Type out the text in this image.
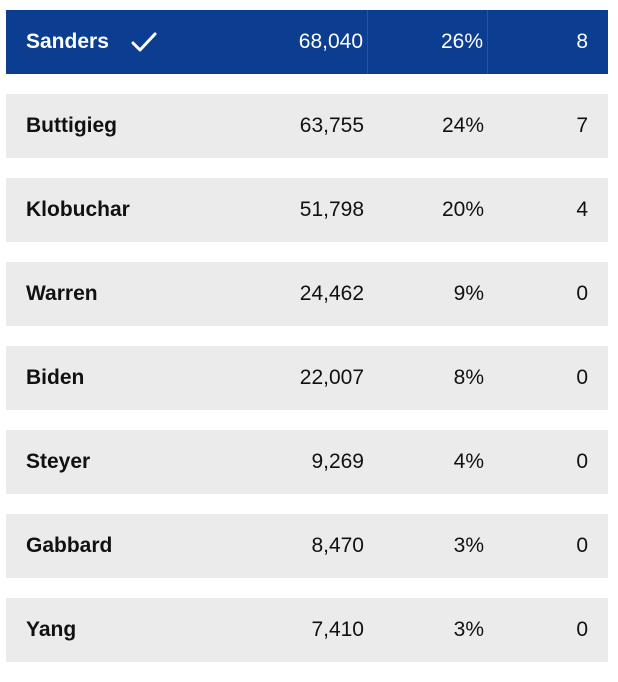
Sanders	68,040	26%	8
Buttigieg	63,755	24%	7
Klobuchar	51,798	20%	4
Warren	24,462	9%	0
Biden	22,007	8%	0
Steyer	9,269	4%	0
Gabbard	8,470	3%	0
Yang	7,410	3%	0
